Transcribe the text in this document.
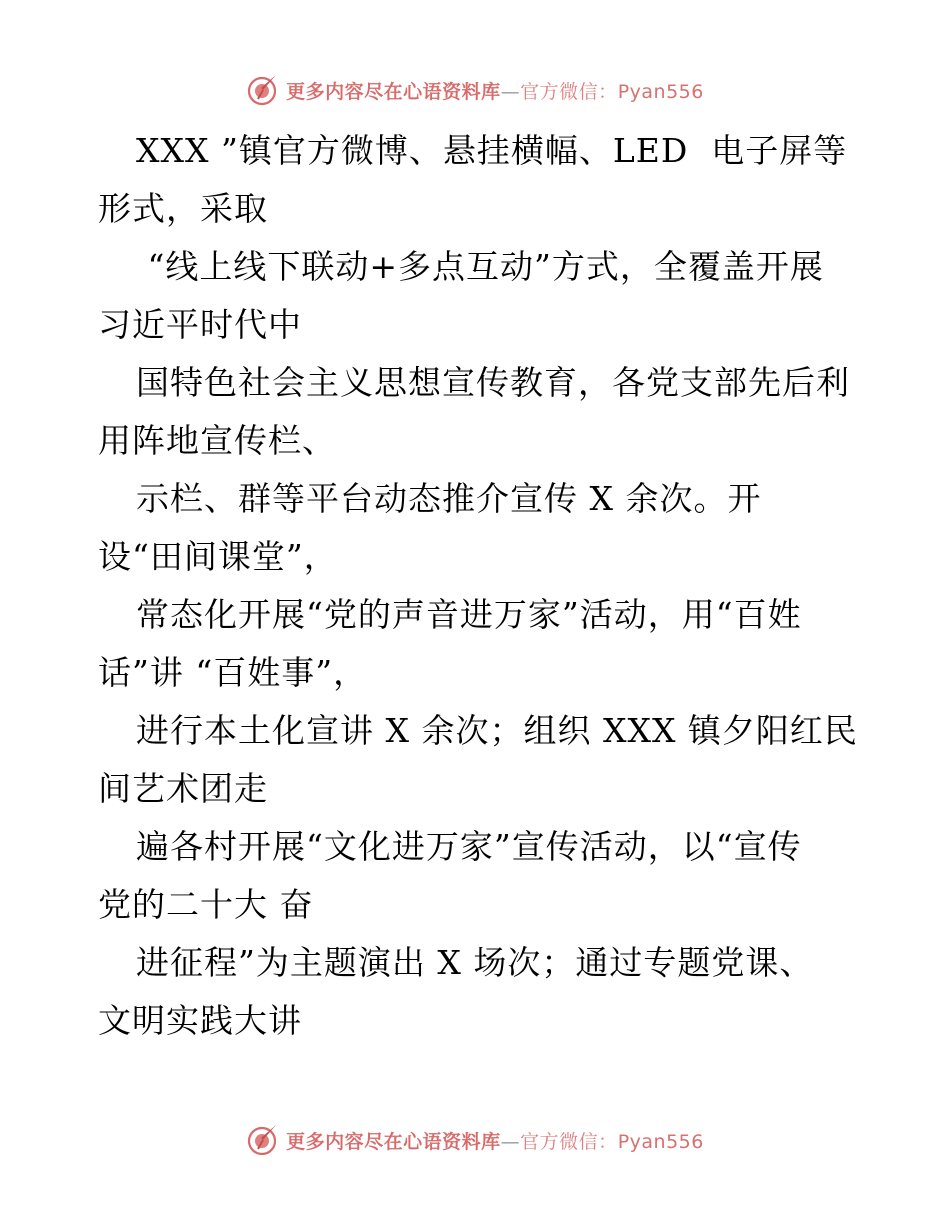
更多内容尽在心语资料库—官方微信：Pyan556
XXX ”镇官方微博、悬挂横幅、LED  电子屏等
形式，采取
“线上线下联动+多点互动”方式，全覆盖开展
习近平时代中
国特色社会主义思想宣传教育，各党支部先后利
用阵地宣传栏、
示栏、群等平台动态推介宣传 X 余次。开
设“田间课堂”，
常态化开展“党的声音进万家”活动，用“百姓
话”讲 “百姓事”，
进行本土化宣讲 X 余次；组织 XXX 镇夕阳红民
间艺术团走
遍各村开展“文化进万家”宣传活动，以“宣传
党的二十大 奋
进征程”为主题演出 X 场次；通过专题党课、
文明实践大讲
更多内容尽在心语资料库—官方微信：Pyan556
